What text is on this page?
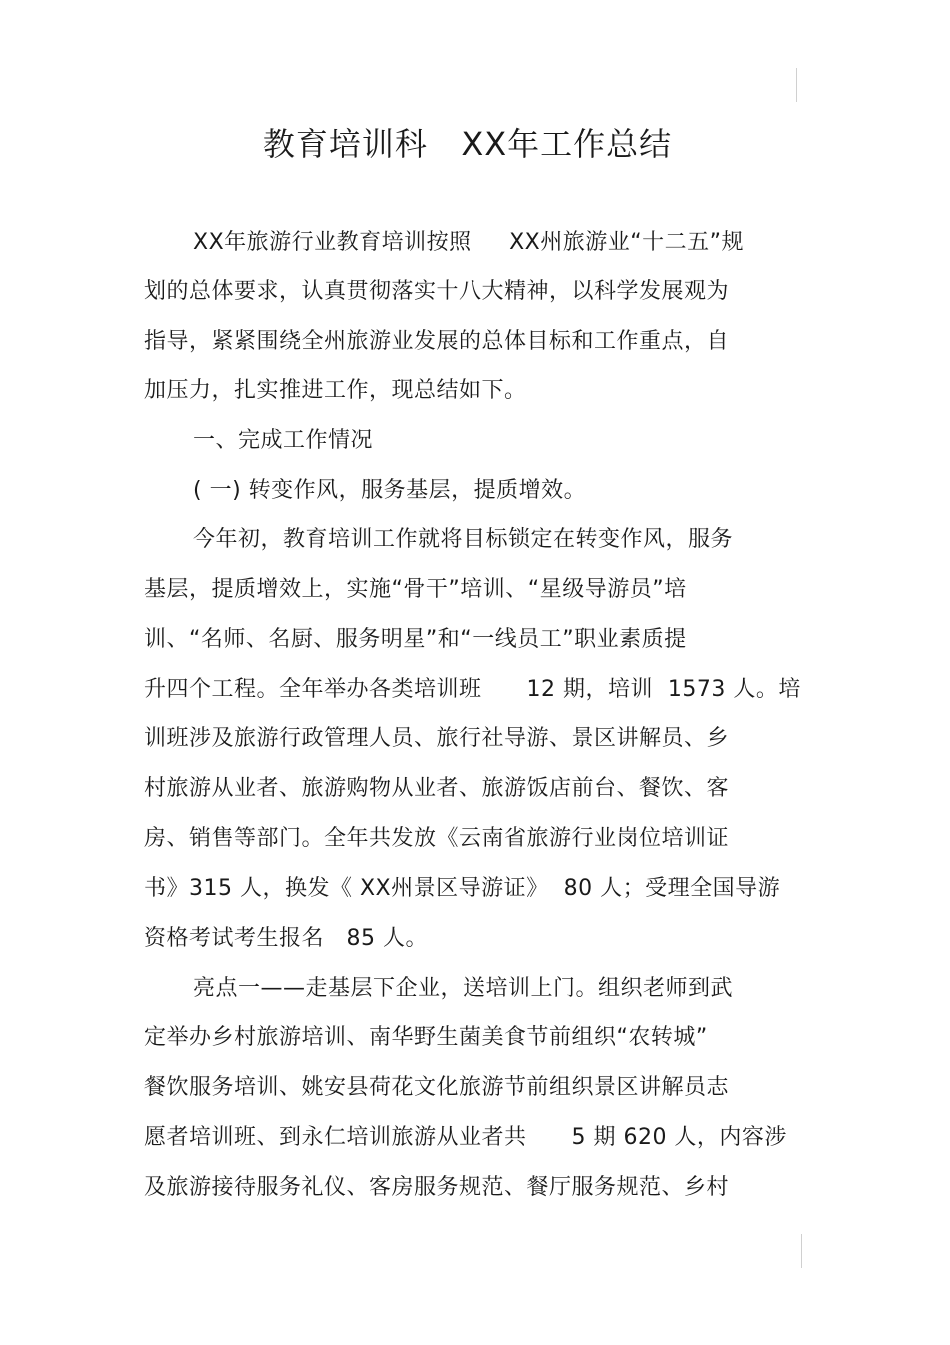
教育培训科   XX年工作总结
XX年旅游行业教育培训按照     XX州旅游业“十二五”规
划的总体要求，认真贯彻落实十八大精神，以科学发展观为
指导，紧紧围绕全州旅游业发展的总体目标和工作重点，自
加压力，扎实推进工作，现总结如下。
一、完成工作情况
( 一) 转变作风，服务基层，提质增效。
今年初，教育培训工作就将目标锁定在转变作风，服务
基层，提质增效上，实施“骨干”培训、“星级导游员”培
训、“名师、名厨、服务明星”和“一线员工”职业素质提
升四个工程。全年举办各类培训班      12 期，培训  1573 人。培
训班涉及旅游行政管理人员、旅行社导游、景区讲解员、乡
村旅游从业者、旅游购物从业者、旅游饭店前台、餐饮、客
房、销售等部门。全年共发放《云南省旅游行业岗位培训证
书》315 人，换发《 XX州景区导游证》  80 人；受理全国导游
资格考试考生报名   85 人。
亮点一——走基层下企业，送培训上门。组织老师到武
定举办乡村旅游培训、南华野生菌美食节前组织“农转城”
餐饮服务培训、姚安县荷花文化旅游节前组织景区讲解员志
愿者培训班、到永仁培训旅游从业者共      5 期 620 人，内容涉
及旅游接待服务礼仪、客房服务规范、餐厅服务规范、乡村
